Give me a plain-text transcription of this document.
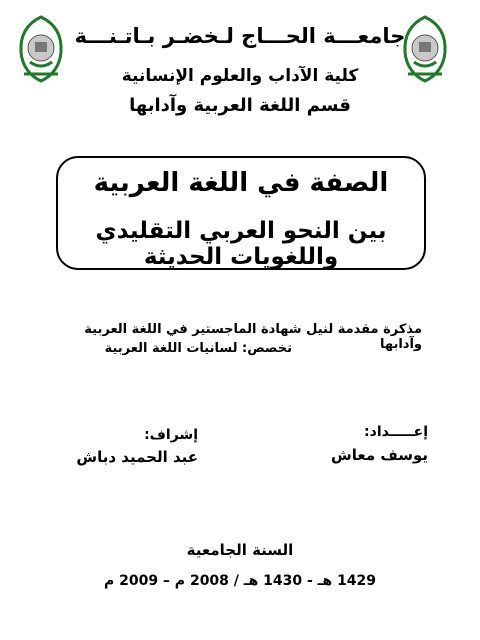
جامعـــة الحـــاج لـخضـر بـاتـنـــة
كلية الآداب والعلوم الإنسانية
قسم اللغة العربية وآدابها
الصفة في اللغة العربية
بين النحو العربي التقليدي واللغويات الحديثة
مذكرة مقدمة لنيل شهادة الماجستير في اللغة العربية وآدابها
تخصص: لسانيات اللغة العربية
إعـــــداد:
يوسف معاش
إشراف:
عبد الحميد دباش
السنة الجامعية
1429 هـ - 1430 هـ / 2008 م – 2009 م
